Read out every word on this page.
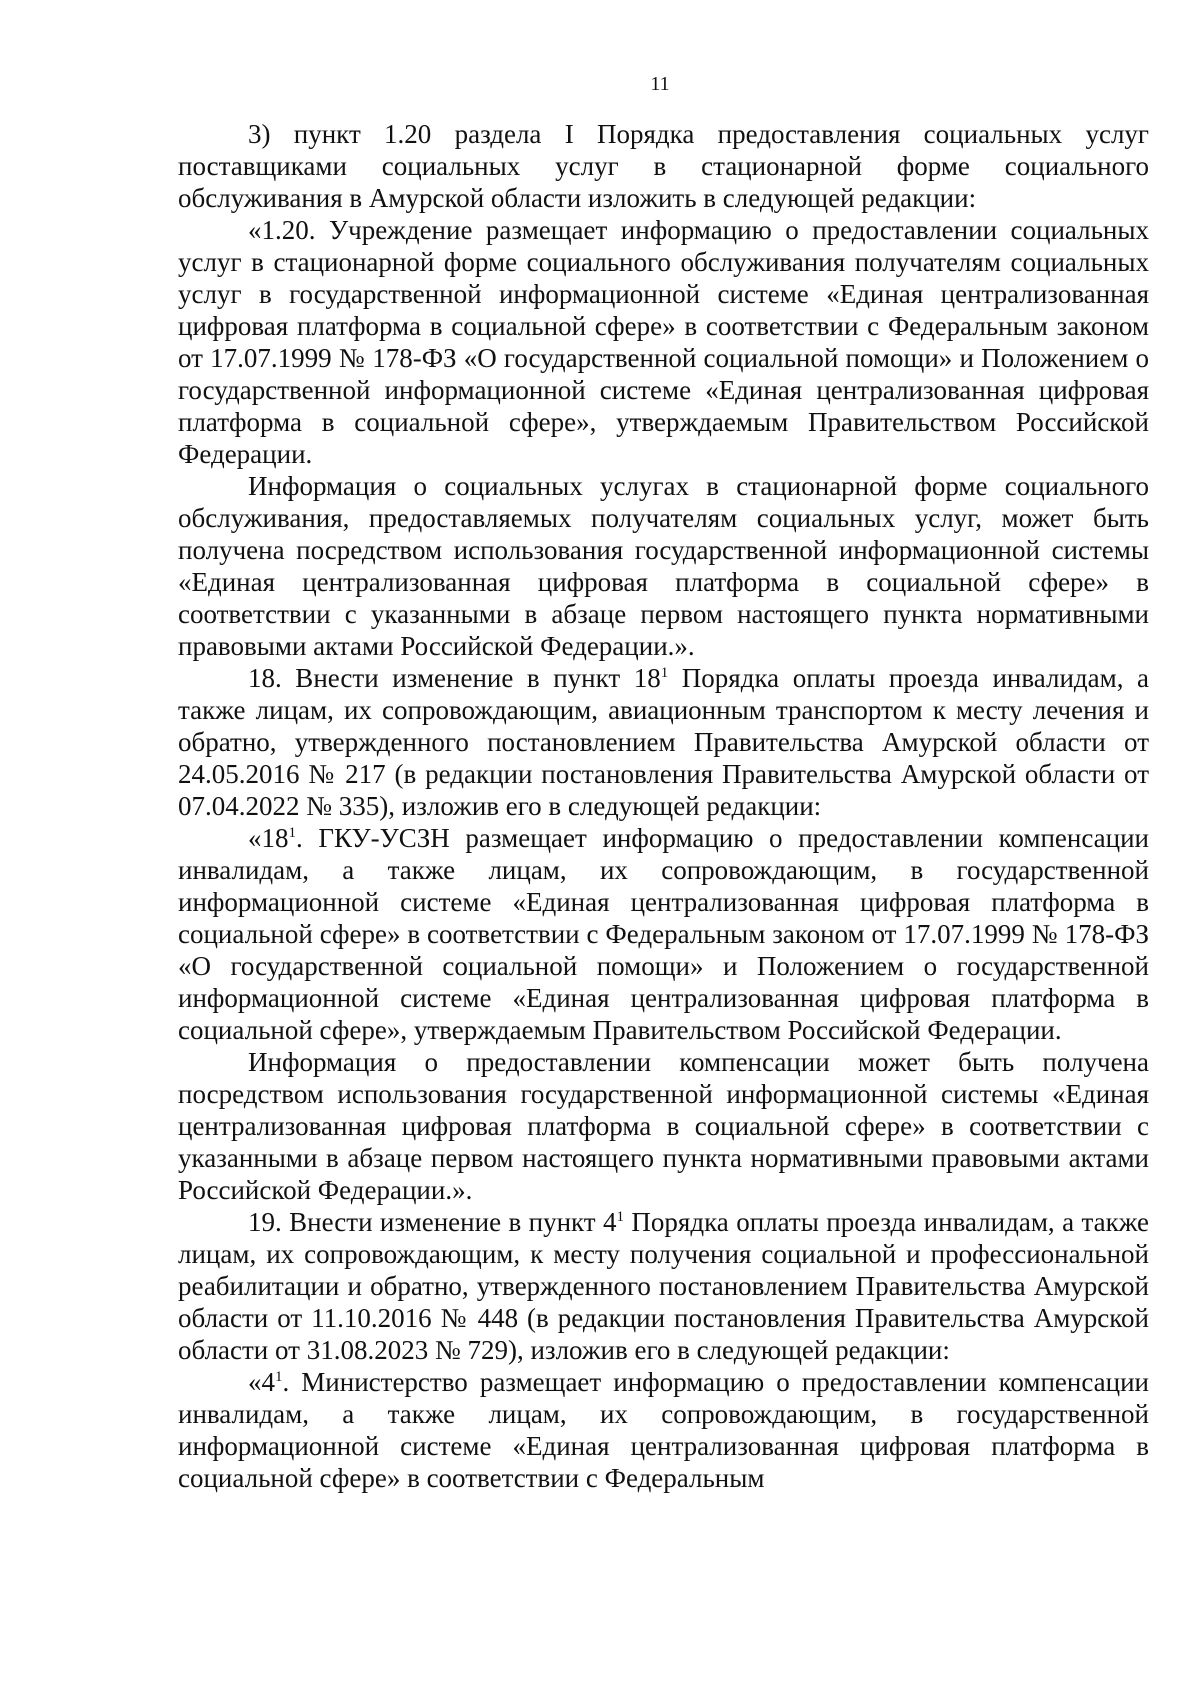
11

3) пункт 1.20 раздела I Порядка предоставления социальных услуг поставщиками социальных услуг в стационарной форме социального обслуживания в Амурской области изложить в следующей редакции:

«1.20. Учреждение размещает информацию о предоставлении социальных услуг в стационарной форме социального обслуживания получателям социальных услуг в государственной информационной системе «Единая централизованная цифровая платформа в социальной сфере» в соответствии с Федеральным законом от 17.07.1999 № 178-ФЗ «О государственной социальной помощи» и Положением о государственной информационной системе «Единая централизованная цифровая платформа в социальной сфере», утверждаемым Правительством Российской Федерации.

Информация о социальных услугах в стационарной форме социального обслуживания, предоставляемых получателям социальных услуг, может быть получена посредством использования государственной информационной системы «Единая централизованная цифровая платформа в социальной сфере» в соответствии с указанными в абзаце первом настоящего пункта нормативными правовыми актами Российской Федерации.».

18. Внести изменение в пункт $18^1$ Порядка оплаты проезда инвалидам, а также лицам, их сопровождающим, авиационным транспортом к месту лечения и обратно, утвержденного постановлением Правительства Амурской области от 24.05.2016 № 217 (в редакции постановления Правительства Амурской области от 07.04.2022 № 335), изложив его в следующей редакции:

«$18^1$. ГКУ-УСЗН размещает информацию о предоставлении компенсации инвалидам, а также лицам, их сопровождающим, в государственной информационной системе «Единая централизованная цифровая платформа в социальной сфере» в соответствии с Федеральным законом от 17.07.1999 № 178-ФЗ «О государственной социальной помощи» и Положением о государственной информационной системе «Единая централизованная цифровая платформа в социальной сфере», утверждаемым Правительством Российской Федерации.

Информация о предоставлении компенсации может быть получена посредством использования государственной информационной системы «Единая централизованная цифровая платформа в социальной сфере» в соответствии с указанными в абзаце первом настоящего пункта нормативными правовыми актами Российской Федерации.».

19. Внести изменение в пункт $4^1$ Порядка оплаты проезда инвалидам, а также лицам, их сопровождающим, к месту получения социальной и профессиональной реабилитации и обратно, утвержденного постановлением Правительства Амурской области от 11.10.2016 № 448 (в редакции постановления Правительства Амурской области от 31.08.2023 № 729), изложив его в следующей редакции:

«$4^1$. Министерство размещает информацию о предоставлении компенсации инвалидам, а также лицам, их сопровождающим, в государственной информационной системе «Единая централизованная цифровая платформа в социальной сфере» в соответствии с Федеральным
